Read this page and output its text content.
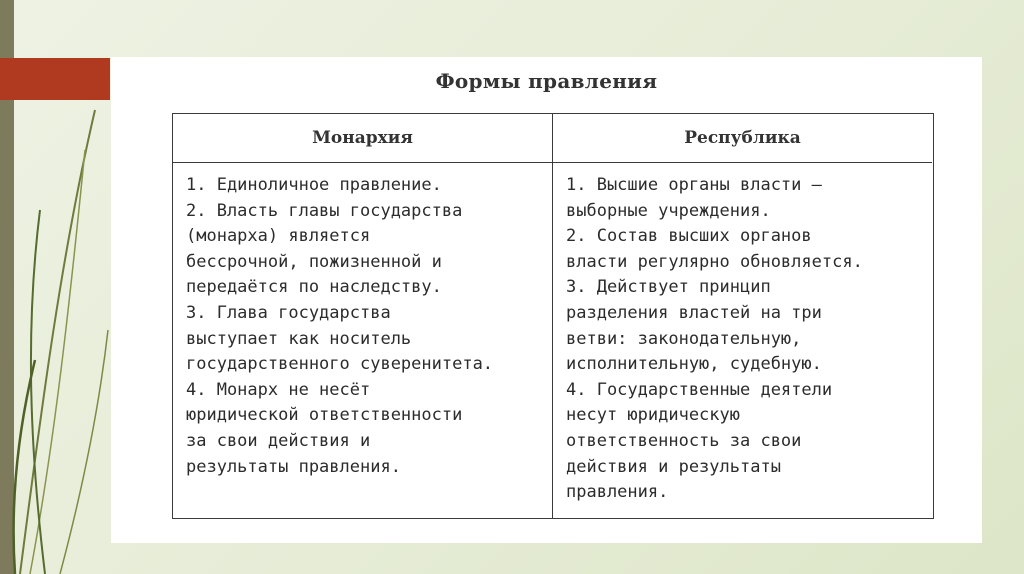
Формы правления
Монархия	Республика
1. Единоличное правление.
2. Власть главы государства
(монарха) является
бессрочной, пожизненной и
передаётся по наследству.
3. Глава государства
выступает как носитель
государственного суверенитета.
4. Монарх не несёт
юридической ответственности
за свои действия и
результаты правления.
1. Высшие органы власти —
выборные учреждения.
2. Состав высших органов
власти регулярно обновляется.
3. Действует принцип
разделения властей на три
ветви: законодательную,
исполнительную, судебную.
4. Государственные деятели
несут юридическую
ответственность за свои
действия и результаты
правления.
